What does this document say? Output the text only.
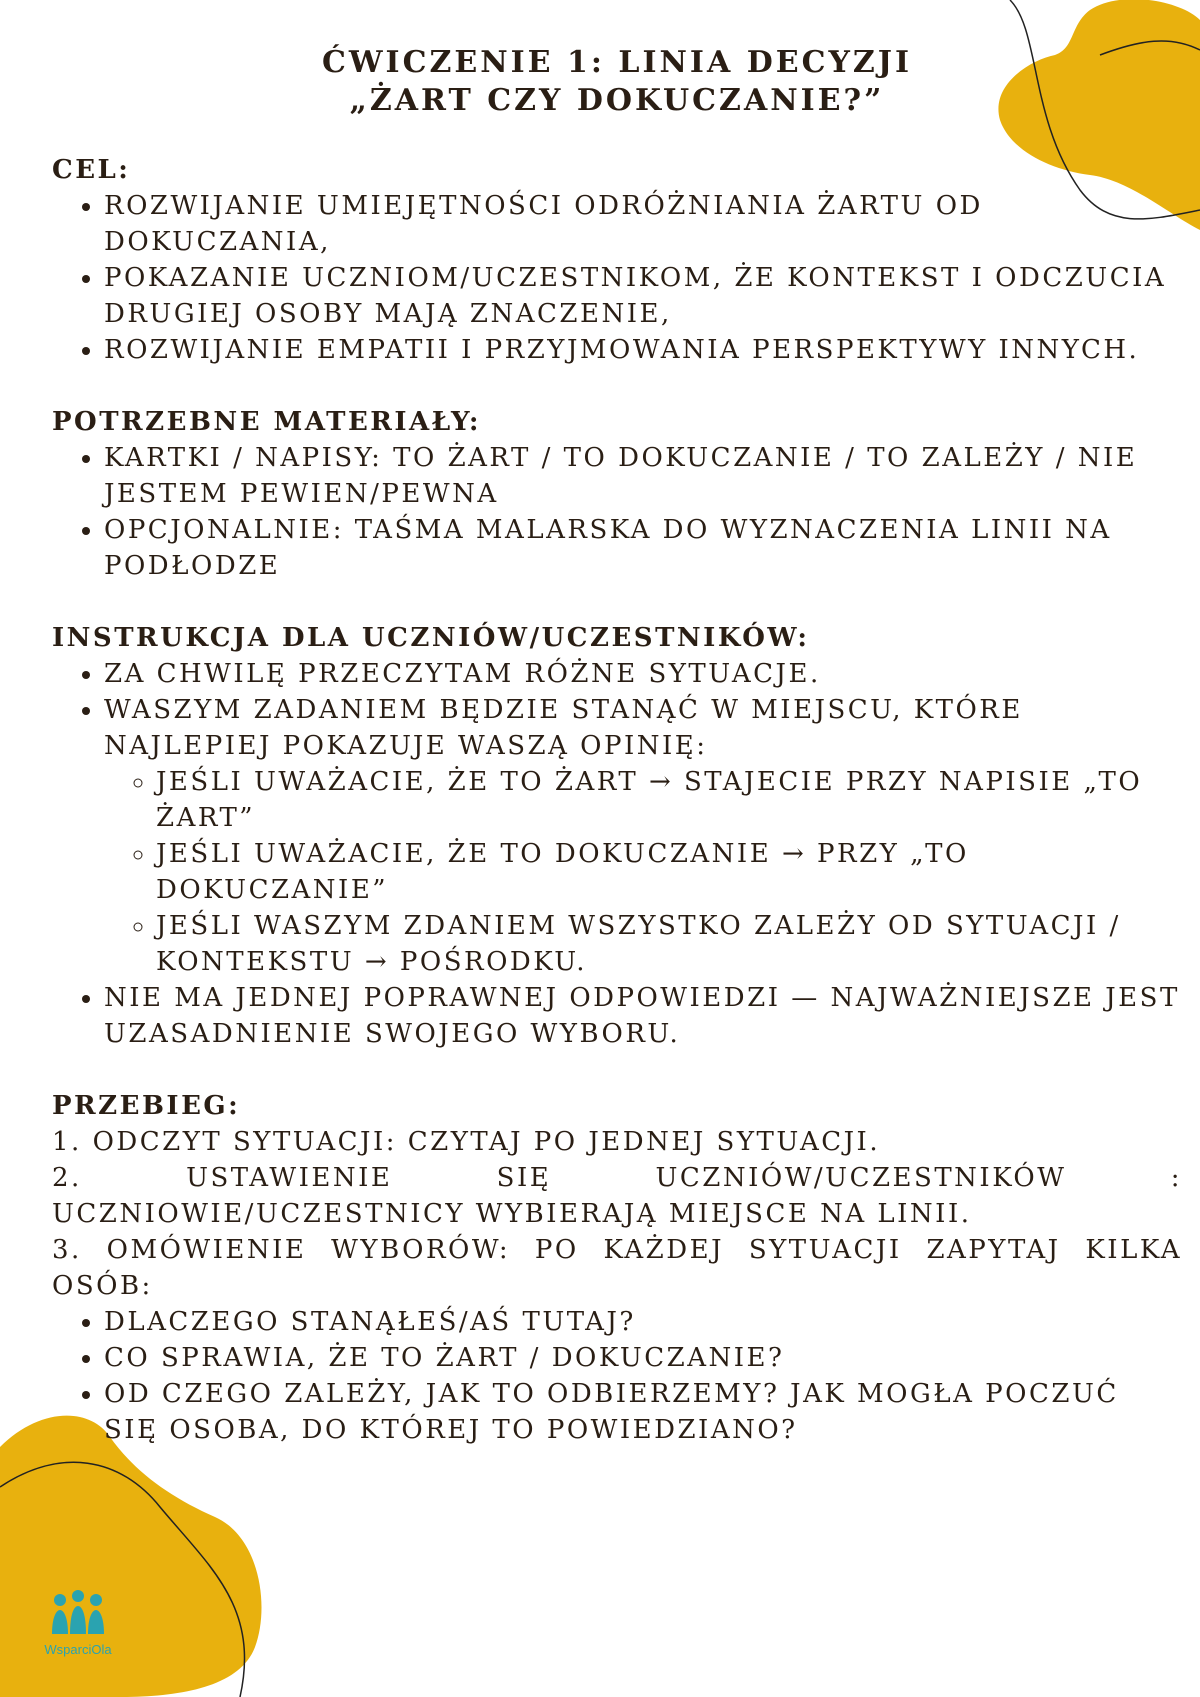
ĆWICZENIE 1: LINIA DECYZJI
„ŻART CZY DOKUCZANIE?”

CEL:

• ROZWIJANIE UMIEJĘTNOŚCI ODRÓŻNIANIA ŻARTU OD DOKUCZANIA,
• POKAZANIE UCZNIOM/UCZESTNIKOM, ŻE KONTEKST I ODCZUCIA DRUGIEJ OSOBY MAJĄ ZNACZENIE,
• ROZWIJANIE EMPATII I PRZYJMOWANIA PERSPEKTYWY INNYCH.

POTRZEBNE MATERIAŁY:

• KARTKI / NAPISY: TO ŻART / TO DOKUCZANIE / TO ZALEŻY / NIE JESTEM PEWIEN/PEWNA
• OPCJONALNIE: TAŚMA MALARSKA DO WYZNACZENIA LINII NA PODŁODZE

INSTRUKCJA DLA UCZNIÓW/UCZESTNIKÓW:

• ZA CHWILĘ PRZECZYTAM RÓŻNE SYTUACJE.
• WASZYM ZADANIEM BĘDZIE STANĄĆ W MIEJSCU, KTÓRE NAJLEPIEJ POKAZUJE WASZĄ OPINIĘ:
◦ JEŚLI UWAŻACIE, ŻE TO ŻART → STAJECIE PRZY NAPISIE „TO ŻART”
◦ JEŚLI UWAŻACIE, ŻE TO DOKUCZANIE → PRZY „TO DOKUCZANIE”
◦ JEŚLI WASZYM ZDANIEM WSZYSTKO ZALEŻY OD SYTUACJI / KONTEKSTU → POŚRODKU.
• NIE MA JEDNEJ POPRAWNEJ ODPOWIEDZI — NAJWAŻNIEJSZE JEST UZASADNIENIE SWOJEGO WYBORU.

PRZEBIEG:

1. ODCZYT SYTUACJI: CZYTAJ PO JEDNEJ SYTUACJI.

2. USTAWIENIE SIĘ UCZNIÓW/UCZESTNIKÓW : UCZNIOWIE/UCZESTNICY WYBIERAJĄ MIEJSCE NA LINII.

3. OMÓWIENIE WYBORÓW: PO KAŻDEJ SYTUACJI ZAPYTAJ KILKA OSÓB:

• DLACZEGO STANĄŁEŚ/AŚ TUTAJ?
• CO SPRAWIA, ŻE TO ŻART / DOKUCZANIE?
• OD CZEGO ZALEŻY, JAK TO ODBIERZEMY? JAK MOGŁA POCZUĆ SIĘ OSOBA, DO KTÓREJ TO POWIEDZIANO?
WsparciOla
